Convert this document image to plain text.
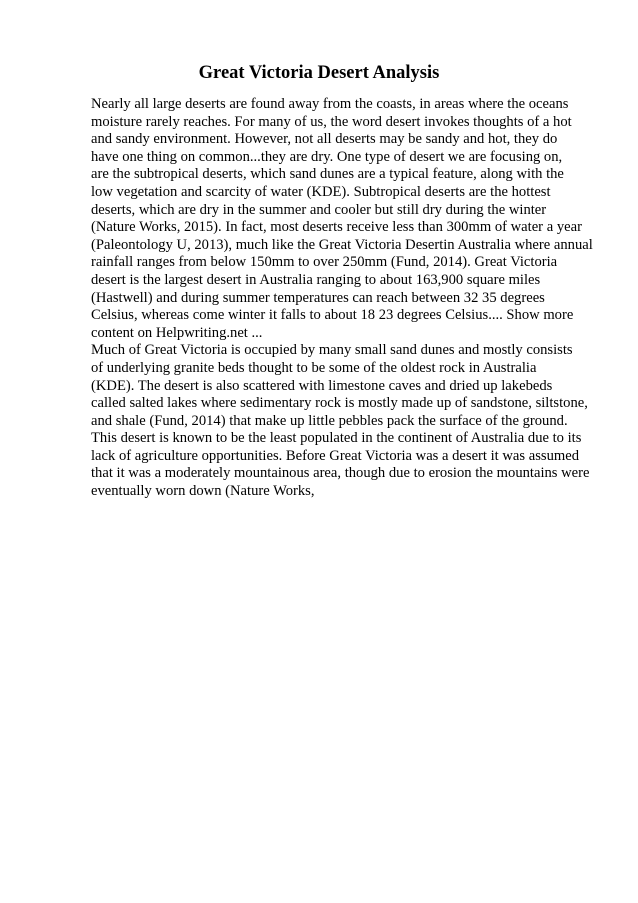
Great Victoria Desert Analysis
Nearly all large deserts are found away from the coasts, in areas where the oceans
moisture rarely reaches. For many of us, the word desert invokes thoughts of a hot
and sandy environment. However, not all deserts may be sandy and hot, they do
have one thing on common...they are dry. One type of desert we are focusing on,
are the subtropical deserts, which sand dunes are a typical feature, along with the
low vegetation and scarcity of water (KDE). Subtropical deserts are the hottest
deserts, which are dry in the summer and cooler but still dry during the winter
(Nature Works, 2015). In fact, most deserts receive less than 300mm of water a year
(Paleontology U, 2013), much like the Great Victoria Desertin Australia where annual
rainfall ranges from below 150mm to over 250mm (Fund, 2014). Great Victoria
desert is the largest desert in Australia ranging to about 163,900 square miles
(Hastwell) and during summer temperatures can reach between 32 35 degrees
Celsius, whereas come winter it falls to about 18 23 degrees Celsius.... Show more
content on Helpwriting.net ...
Much of Great Victoria is occupied by many small sand dunes and mostly consists
of underlying granite beds thought to be some of the oldest rock in Australia
(KDE). The desert is also scattered with limestone caves and dried up lakebeds
called salted lakes where sedimentary rock is mostly made up of sandstone, siltstone,
and shale (Fund, 2014) that make up little pebbles pack the surface of the ground.
This desert is known to be the least populated in the continent of Australia due to its
lack of agriculture opportunities. Before Great Victoria was a desert it was assumed
that it was a moderately mountainous area, though due to erosion the mountains were
eventually worn down (Nature Works,
